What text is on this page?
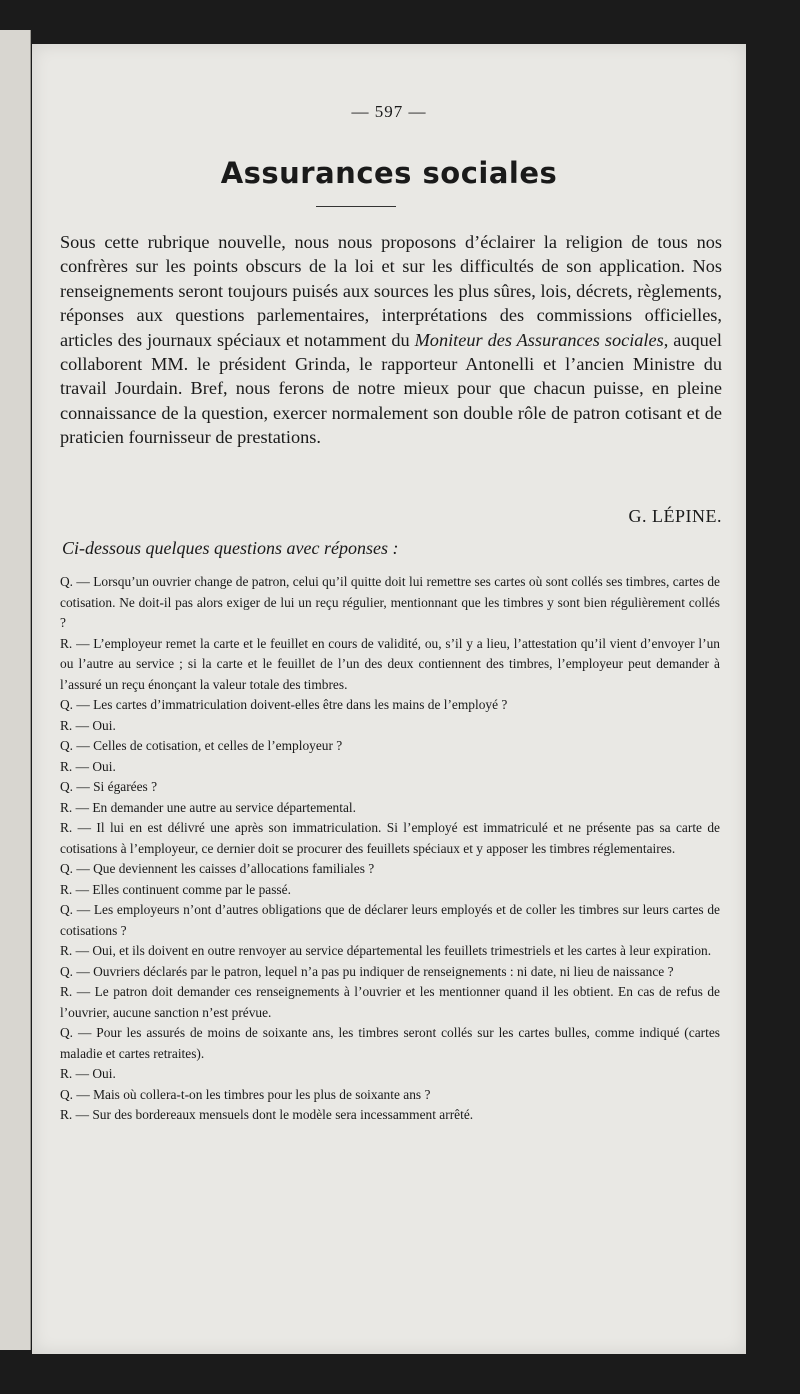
— 597 —
Assurances sociales

Sous cette rubrique nouvelle, nous nous proposons d’éclairer la religion de tous nos confrères sur les points obscurs de la loi et sur les difficultés de son application. Nos renseignements seront toujours puisés aux sources les plus sûres, lois, décrets, règlements, réponses aux questions parlementaires, interprétations des commissions officielles, articles des journaux spéciaux et notamment du Moniteur des Assurances sociales, auquel collaborent MM. le président Grinda, le rapporteur Antonelli et l’ancien Ministre du travail Jourdain. Bref, nous ferons de notre mieux pour que chacun puisse, en pleine connaissance de la question, exercer normalement son double rôle de patron cotisant et de praticien fournisseur de prestations.

G. LÉPINE.
Ci-dessous quelques questions avec réponses :
Q. — Lorsqu’un ouvrier change de patron, celui qu’il quitte doit lui remettre ses cartes où sont collés ses timbres, cartes de cotisation. Ne doit-il pas alors exiger de lui un reçu régulier, mentionnant que les timbres y sont bien régulièrement collés ?
R. — L’employeur remet la carte et le feuillet en cours de validité, ou, s’il y a lieu, l’attestation qu’il vient d’envoyer l’un ou l’autre au service ; si la carte et le feuillet de l’un des deux contiennent des timbres, l’employeur peut demander à l’assuré un reçu énonçant la valeur totale des timbres.
Q. — Les cartes d’immatriculation doivent-elles être dans les mains de l’employé ?
R. — Oui.
Q. — Celles de cotisation, et celles de l’employeur ?
R. — Oui.
Q. — Si égarées ?
R. — En demander une autre au service départemental.
R. — Il lui en est délivré une après son immatriculation. Si l’employé est immatriculé et ne présente pas sa carte de cotisations à l’employeur, ce dernier doit se procurer des feuillets spéciaux et y apposer les timbres réglementaires.
Q. — Que deviennent les caisses d’allocations familiales ?
R. — Elles continuent comme par le passé.
Q. — Les employeurs n’ont d’autres obligations que de déclarer leurs employés et de coller les timbres sur leurs cartes de cotisations ?
R. — Oui, et ils doivent en outre renvoyer au service départemental les feuillets trimestriels et les cartes à leur expiration.
Q. — Ouvriers déclarés par le patron, lequel n’a pas pu indiquer de renseignements : ni date, ni lieu de naissance ?
R. — Le patron doit demander ces renseignements à l’ouvrier et les mentionner quand il les obtient. En cas de refus de l’ouvrier, aucune sanction n’est prévue.
Q. — Pour les assurés de moins de soixante ans, les timbres seront collés sur les cartes bulles, comme indiqué (cartes maladie et cartes retraites).
R. — Oui.
Q. — Mais où collera-t-on les timbres pour les plus de soixante ans ?
R. — Sur des bordereaux mensuels dont le modèle sera incessamment arrêté.
